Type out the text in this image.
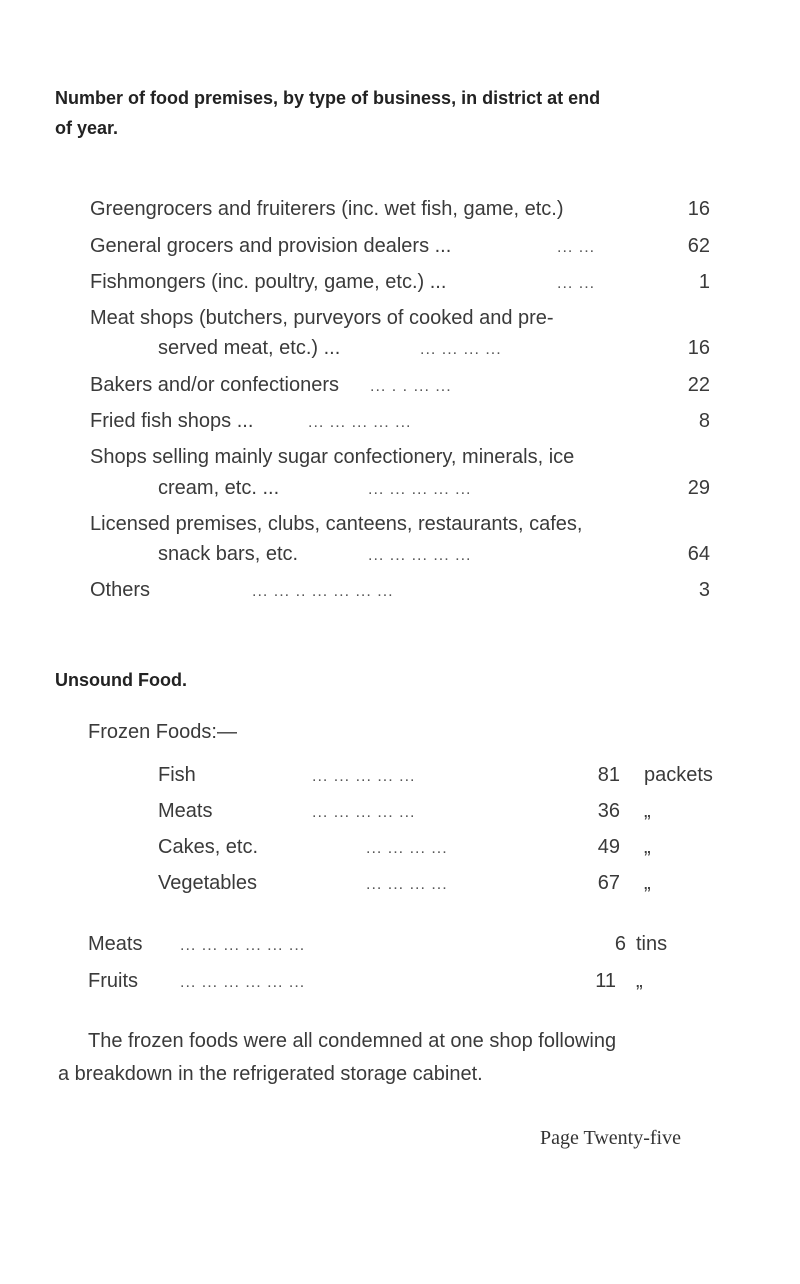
Number of food premises, by type of business, in district at end
of year.
Greengrocers and fruiterers (inc. wet fish, game, etc.)	16
General grocers and provision dealers ...	... ...	62
Fishmongers (inc. poultry, game, etc.) ...	... ...	1
Meat shops (butchers, purveyors of cooked and pre-
served meat, etc.) ...	... ... ... ...	16
Bakers and/or confectioners ... . . ... ...	22
Fried fish shops ...	... ... ... ... ...	8
Shops selling mainly sugar confectionery, minerals, ice
cream, etc. ...	... ... ... ... ...	29
Licensed premises, clubs, canteens, restaurants, cafes,
snack bars, etc.	... ... ... ... ...	64
Others	... ... .. ... ... ... ...	3
Unsound Food.
Frozen Foods:—
Fish	... ... ... ... ...	81 packets
Meats	... ... ... ... ...	36 „
Cakes, etc.	... ... ... ...	49 „
Vegetables	... ... ... ...	67 „
Meats ... ... ... ... ... ...	6 tins
Fruits	... ... ... ... ... ...	11 „
The frozen foods were all condemned at one shop following
a breakdown in the refrigerated storage cabinet.
Page Twenty-five
